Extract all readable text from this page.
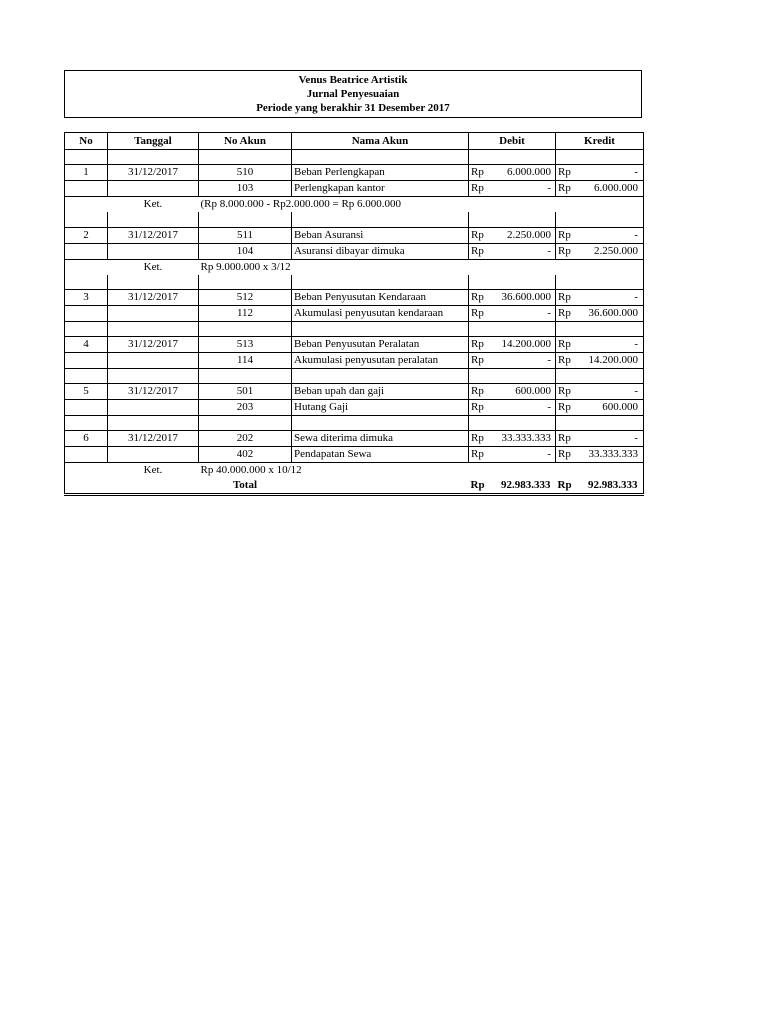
Venus Beatrice Artistik
Jurnal Penyesuaian
Periode yang berakhir 31 Desember 2017
No	Tanggal	No Akun	Nama Akun	Debit	Kredit

1	31/12/2017	510	Beban Perlengkapan	Rp 6.000.000	Rp -
		103	Perlengkapan kantor	Rp -	Rp 6.000.000
	Ket.	(Rp 8.000.000 - Rp2.000.000 = Rp 6.000.000			

2	31/12/2017	511	Beban Asuransi	Rp 2.250.000	Rp -
		104	Asuransi dibayar dimuka	Rp -	Rp 2.250.000
	Ket.	Rp 9.000.000 x 3/12			

3	31/12/2017	512	Beban Penyusutan Kendaraan	Rp 36.600.000	Rp -
		112	Akumulasi penyusutan kendaraan	Rp -	Rp 36.600.000

4	31/12/2017	513	Beban Penyusutan Peralatan	Rp 14.200.000	Rp -
		114	Akumulasi penyusutan peralatan	Rp -	Rp 14.200.000

5	31/12/2017	501	Beban upah dan gaji	Rp 600.000	Rp -
		203	Hutang Gaji	Rp -	Rp 600.000

6	31/12/2017	202	Sewa diterima dimuka	Rp 33.333.333	Rp -
		402	Pendapatan Sewa	Rp -	Rp 33.333.333
	Ket.	Rp 40.000.000 x 10/12			
		Total		Rp 92.983.333	Rp 92.983.333
